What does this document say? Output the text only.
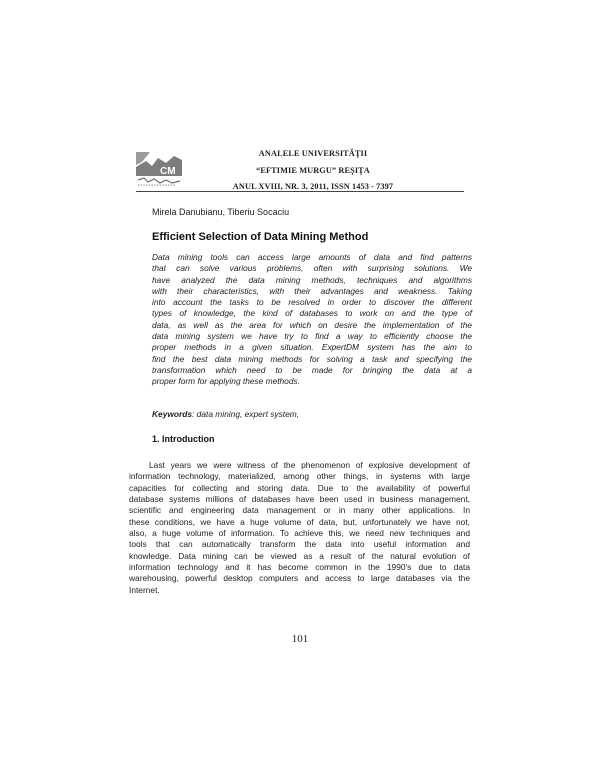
CM
ANALELE UNIVERSITĂŢII
“EFTIMIE MURGU” REŞIŢA
ANUL XVIII, NR. 3, 2011, ISSN 1453 - 7397
Mirela Danubianu, Tiberiu Socaciu
Efficient Selection of Data Mining Method
Data mining tools can access large amounts of data and find patterns
that can solve various problems, often with surprising solutions. We
have analyzed the data mining methods, techniques and algorithms
with their characteristics, with their advantages and weakness. Taking
into account the tasks to be resolved in order to discover the different
types of knowledge, the kind of databases to work on and the type of
data, as well as the area for which on desire the implementation of the
data mining system we have try to find a way to efficiently choose the
proper methods in a given situation. ExpertDM system has the aim to
find the best data mining methods for solving a task and specifying the
transformation which need to be made for bringing the data at a
proper form for applying these methods.
Keywords: data mining, expert system,
1. Introduction
Last years we were witness of the phenomenon of explosive development of
information technology, materialized, among other things, in systems with large
capacities for collecting and storing data. Due to the availability of powerful
database systems millions of databases have been used in business management,
scientific and engineering data management or in many other applications. In
these conditions, we have a huge volume of data, but, unfortunately we have not,
also, a huge volume of information. To achieve this, we need new techniques and
tools that can automatically transform the data into useful information and
knowledge. Data mining can be viewed as a result of the natural evolution of
information technology and it has become common in the 1990's due to data
warehousing, powerful desktop computers and access to large databases via the
Internet.
101
